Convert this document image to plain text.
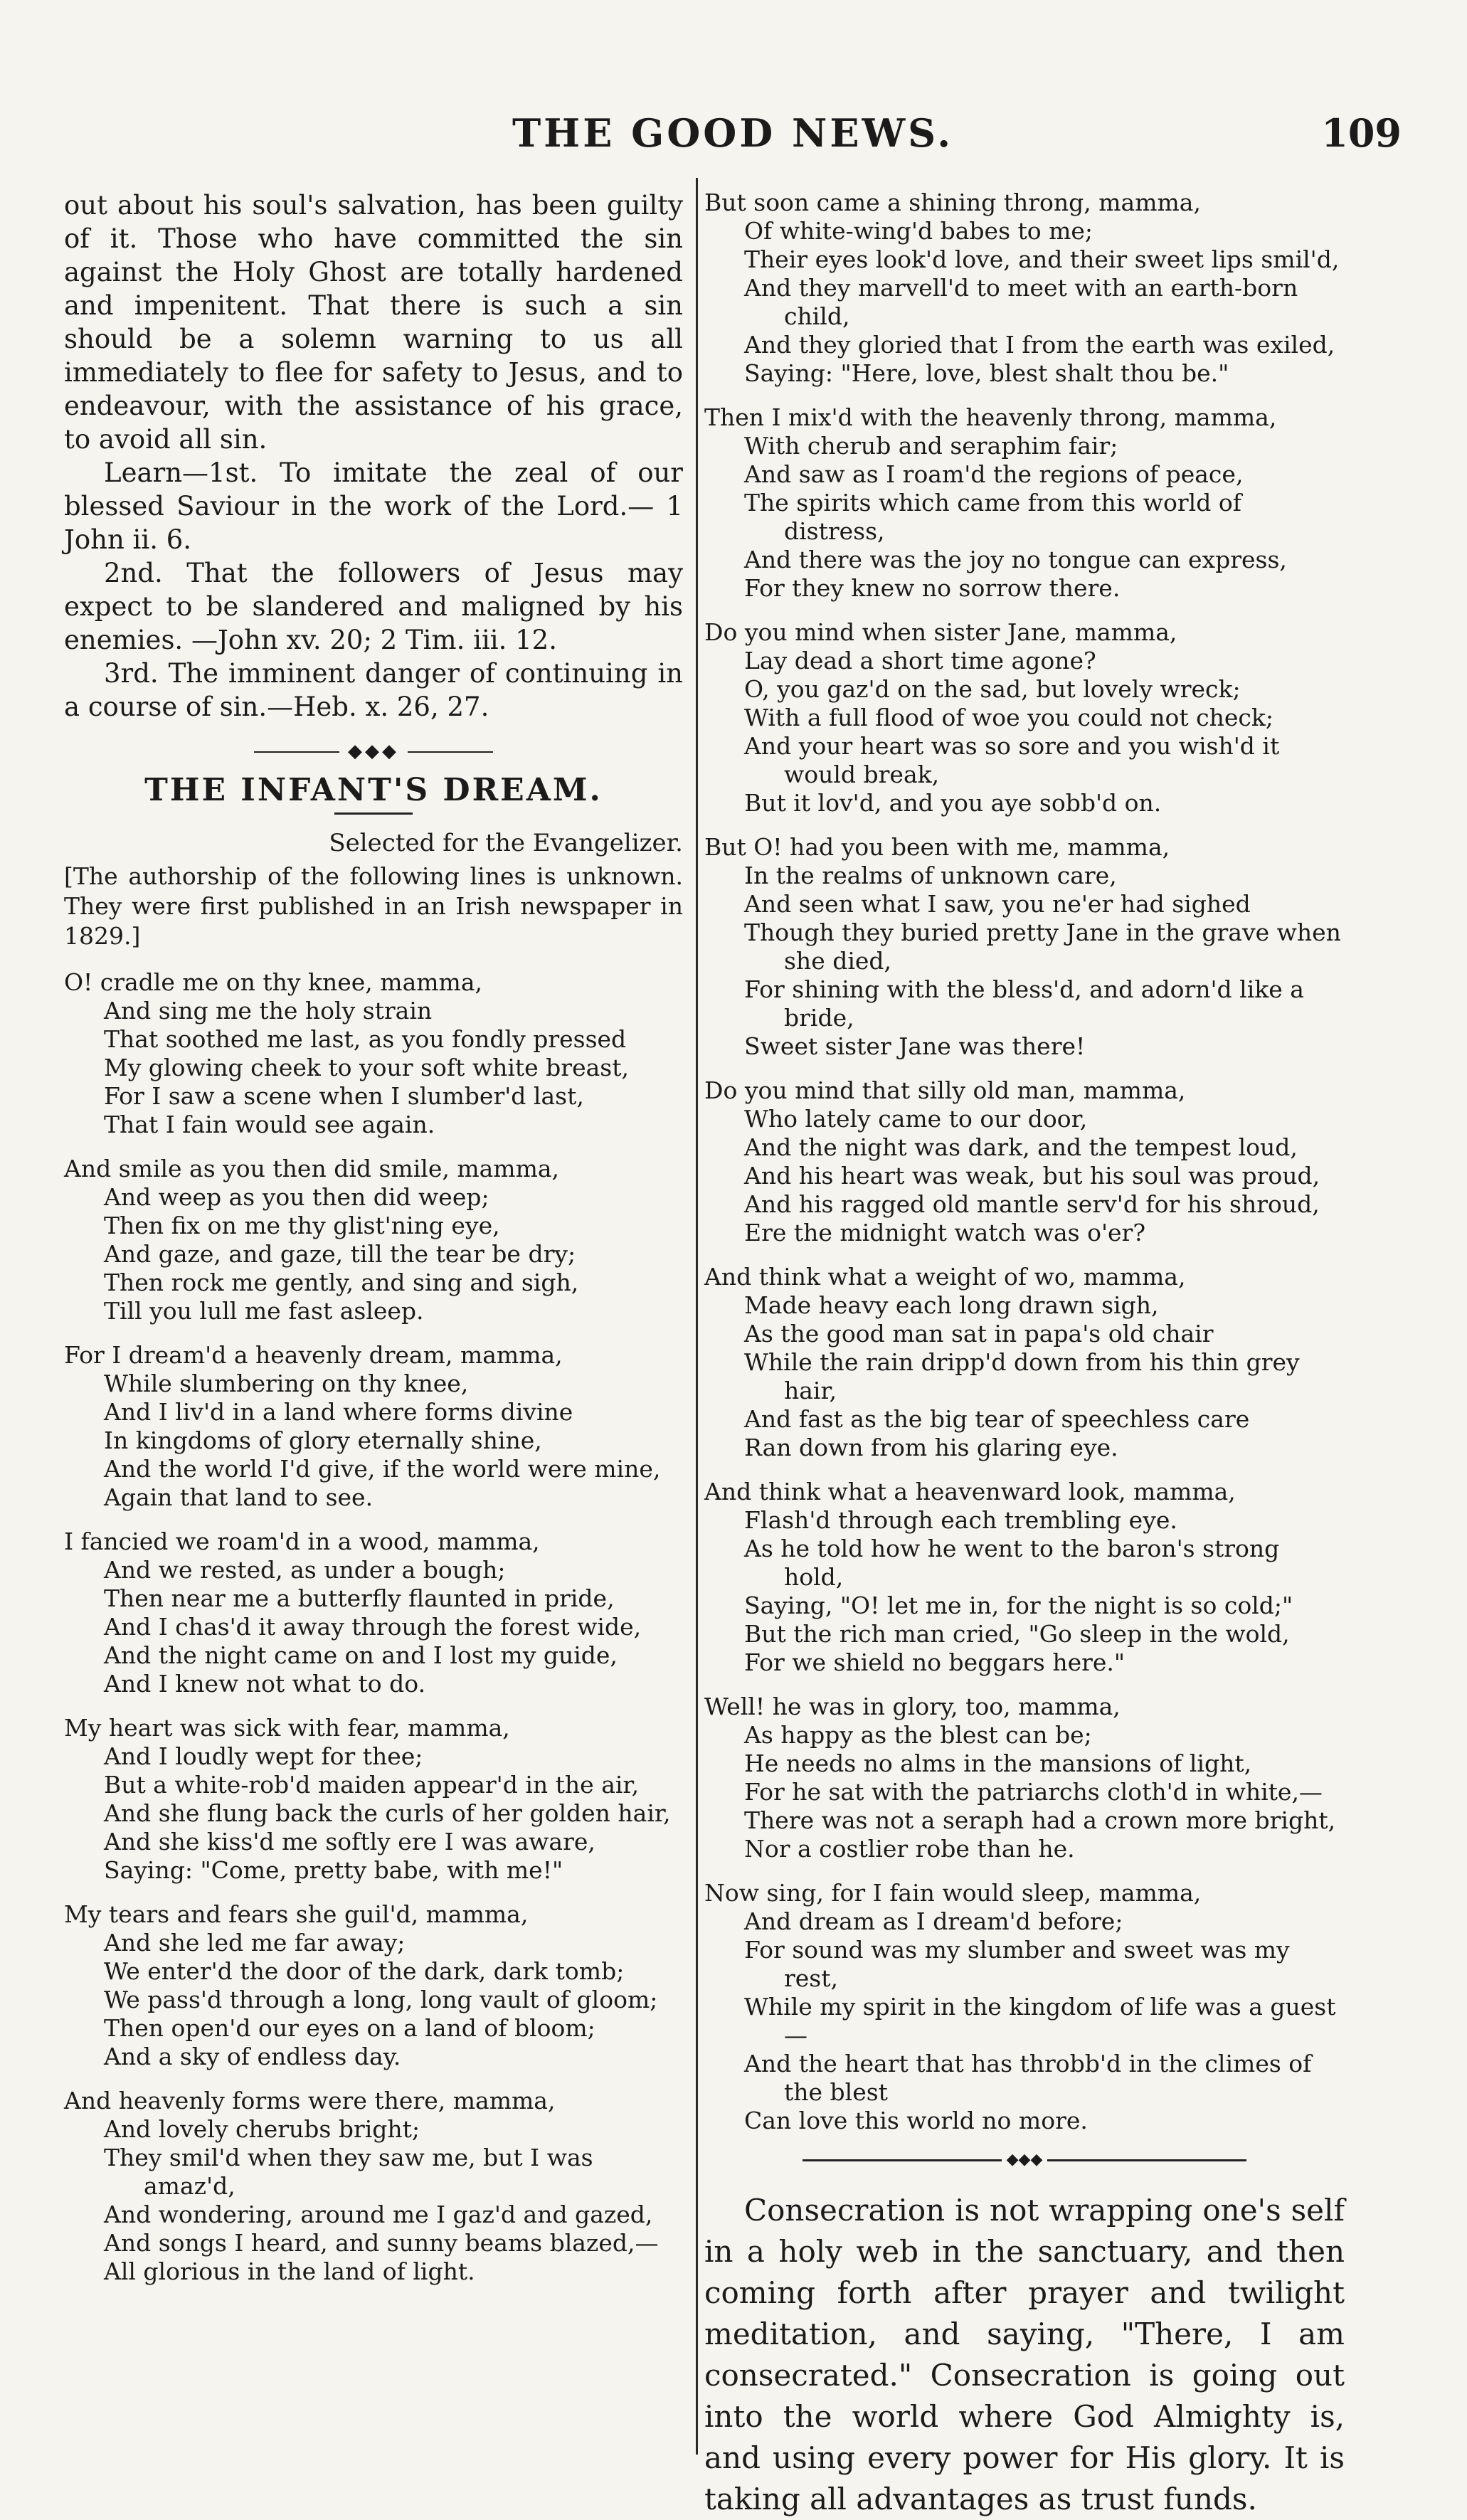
THE GOOD NEWS.	109

out about his soul's salvation, has been guilty of it. Those who have committed the sin against the Holy Ghost are totally hardened and impenitent. That there is such a sin should be a solemn warning to us all immediately to flee for safety to Jesus, and to endeavour, with the assistance of his grace, to avoid all sin.

Learn—1st. To imitate the zeal of our blessed Saviour in the work of the Lord.— 1 John ii. 6.

2nd. That the followers of Jesus may expect to be slandered and maligned by his enemies. —John xv. 20; 2 Tim. iii. 12.

3rd. The imminent danger of continuing in a course of sin.—Heb. x. 26, 27.

◆◆◆
THE INFANT'S DREAM.
Selected for the Evangelizer.
[The authorship of the following lines is unknown. They were first published in an Irish newspaper in 1829.]
O! cradle me on thy knee, mamma,
And sing me the holy strain
That soothed me last, as you fondly pressed
My glowing cheek to your soft white breast,
For I saw a scene when I slumber'd last,
That I fain would see again.
And smile as you then did smile, mamma,
And weep as you then did weep;
Then fix on me thy glist'ning eye,
And gaze, and gaze, till the tear be dry;
Then rock me gently, and sing and sigh,
Till you lull me fast asleep.
For I dream'd a heavenly dream, mamma,
While slumbering on thy knee,
And I liv'd in a land where forms divine
In kingdoms of glory eternally shine,
And the world I'd give, if the world were mine,
Again that land to see.
I fancied we roam'd in a wood, mamma,
And we rested, as under a bough;
Then near me a butterfly flaunted in pride,
And I chas'd it away through the forest wide,
And the night came on and I lost my guide,
And I knew not what to do.
My heart was sick with fear, mamma,
And I loudly wept for thee;
But a white-rob'd maiden appear'd in the air,
And she flung back the curls of her golden hair,
And she kiss'd me softly ere I was aware,
Saying: "Come, pretty babe, with me!"
My tears and fears she guil'd, mamma,
And she led me far away;
We enter'd the door of the dark, dark tomb;
We pass'd through a long, long vault of gloom;
Then open'd our eyes on a land of bloom;
And a sky of endless day.
And heavenly forms were there, mamma,
And lovely cherubs bright;
They smil'd when they saw me, but I was amaz'd,
And wondering, around me I gaz'd and gazed,
And songs I heard, and sunny beams blazed,—
All glorious in the land of light.
But soon came a shining throng, mamma,
Of white-wing'd babes to me;
Their eyes look'd love, and their sweet lips smil'd,
And they marvell'd to meet with an earth-born child,
And they gloried that I from the earth was exiled,
Saying: "Here, love, blest shalt thou be."
Then I mix'd with the heavenly throng, mamma,
With cherub and seraphim fair;
And saw as I roam'd the regions of peace,
The spirits which came from this world of distress,
And there was the joy no tongue can express,
For they knew no sorrow there.
Do you mind when sister Jane, mamma,
Lay dead a short time agone?
O, you gaz'd on the sad, but lovely wreck;
With a full flood of woe you could not check;
And your heart was so sore and you wish'd it would break,
But it lov'd, and you aye sobb'd on.
But O! had you been with me, mamma,
In the realms of unknown care,
And seen what I saw, you ne'er had sighed
Though they buried pretty Jane in the grave when she died,
For shining with the bless'd, and adorn'd like a bride,
Sweet sister Jane was there!
Do you mind that silly old man, mamma,
Who lately came to our door,
And the night was dark, and the tempest loud,
And his heart was weak, but his soul was proud,
And his ragged old mantle serv'd for his shroud,
Ere the midnight watch was o'er?
And think what a weight of wo, mamma,
Made heavy each long drawn sigh,
As the good man sat in papa's old chair
While the rain dripp'd down from his thin grey hair,
And fast as the big tear of speechless care
Ran down from his glaring eye.
And think what a heavenward look, mamma,
Flash'd through each trembling eye.
As he told how he went to the baron's strong hold,
Saying, "O! let me in, for the night is so cold;"
But the rich man cried, "Go sleep in the wold,
For we shield no beggars here."
Well! he was in glory, too, mamma,
As happy as the blest can be;
He needs no alms in the mansions of light,
For he sat with the patriarchs cloth'd in white,—
There was not a seraph had a crown more bright,
Nor a costlier robe than he.
Now sing, for I fain would sleep, mamma,
And dream as I dream'd before;
For sound was my slumber and sweet was my rest,
While my spirit in the kingdom of life was a guest—
And the heart that has throbb'd in the climes of the blest
Can love this world no more.
◆◆◆

Consecration is not wrapping one's self in a holy web in the sanctuary, and then coming forth after prayer and twilight meditation, and saying, "There, I am consecrated." Consecration is going out into the world where God Almighty is, and using every power for His glory. It is taking all advantages as trust funds.
